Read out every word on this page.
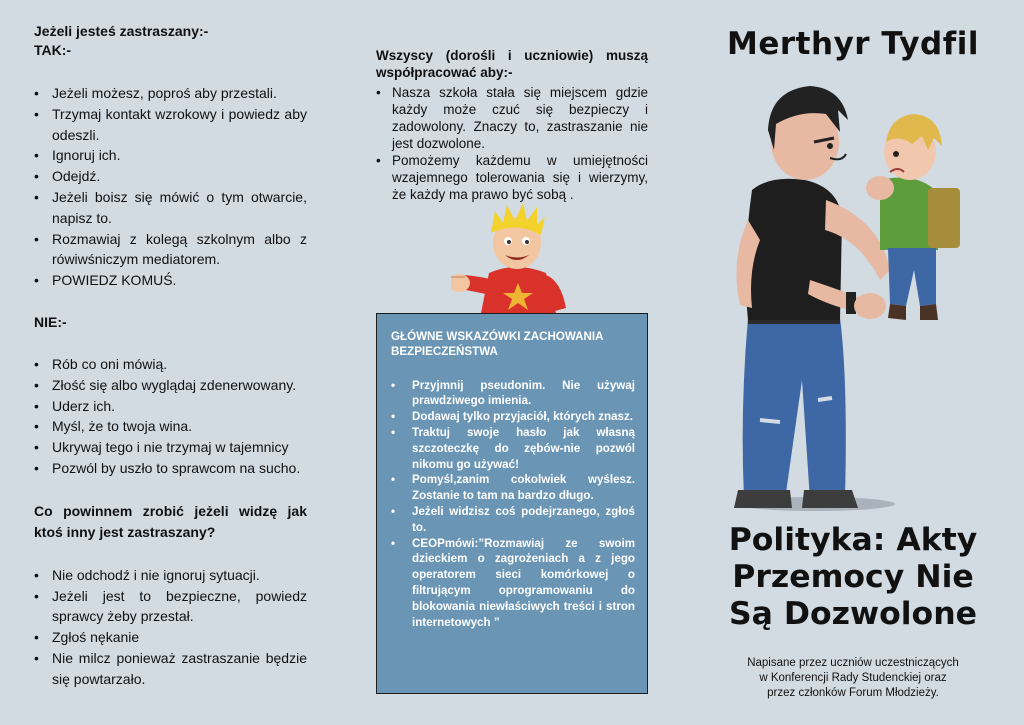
Jeżeli jesteś zastraszany:-
TAK:-

• Jeżeli możesz, poproś aby przestali.
• Trzymaj kontakt wzrokowy i powiedz aby odeszli.
• Ignoruj ich.
• Odejdź.
• Jeżeli boisz się mówić o tym otwarcie, napisz to.
• Rozmawiaj z kolegą szkolnym albo z rówiwśniczym mediatorem.
• POWIEDZ KOMUŚ.

NIE:-

• Rób co oni mówią.
• Złość się albo wyglądaj zdenerwowany.
• Uderz ich.
• Myśl, że to twoja wina.
• Ukrywaj tego i nie trzymaj w tajemnicy
• Pozwól by uszło to sprawcom na sucho.

Co powinnem zrobić jeżeli widzę jak ktoś inny jest zastraszany?

• Nie odchodź i nie ignoruj sytuacji.
• Jeżeli jest to bezpieczne, powiedz sprawcy żeby przestał.
• Zgłoś nękanie
• Nie milcz ponieważ zastraszanie będzie się powtarzało.

Wszyscy (dorośli i uczniowie) muszą współpracować aby:-

• Nasza szkoła stała się miejscem gdzie każdy może czuć się bezpieczy i zadowolony. Znaczy to, zastraszanie nie jest dozwolone.
• Pomożemy każdemu w umiejętności wzajemnego tolerowania się i wierzymy, że każdy ma prawo być sobą .
GŁÓWNE WSKAZÓWKI ZACHOWANIA BEZPIECZEŃSTWA
• Przyjmnij pseudonim. Nie używaj prawdziwego imienia.
• Dodawaj tylko przyjaciół, których znasz.
• Traktuj swoje hasło jak własną szczoteczkę do zębów-nie pozwól nikomu go używać!
• Pomyśl,zanim cokolwiek wyślesz. Zostanie to tam na bardzo długo.
• Jeżeli widzisz coś podejrzanego, zgłoś to.
• CEOPmówi:”Rozmawiaj ze swoim dzieckiem o zagrożeniach a z jego operatorem sieci komórkowej o filtrującym oprogramowaniu do blokowania niewłaściwych treści i stron internetowych ”
Merthyr Tydfil
Polityka: Akty
Przemocy Nie
Są Dozwolone
Napisane przez uczniów uczestniczących
w Konferencji Rady Studenckiej oraz
przez członków Forum Młodzieży.
